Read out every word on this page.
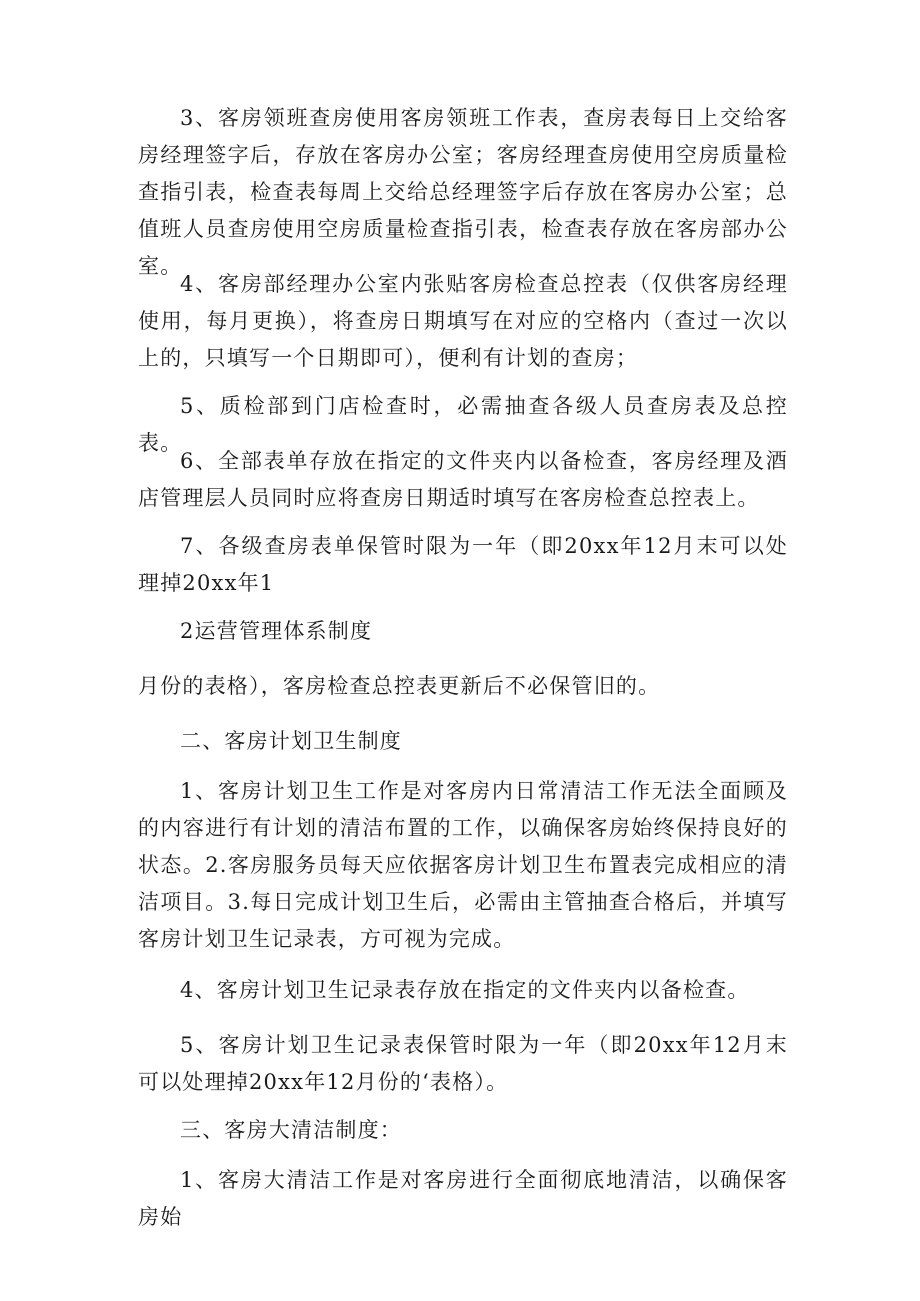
3、客房领班查房使用客房领班工作表，查房表每日上交给客房经理签字后，存放在客房办公室；客房经理查房使用空房质量检查指引表，检查表每周上交给总经理签字后存放在客房办公室；总值班人员查房使用空房质量检查指引表，检查表存放在客房部办公室。

4、客房部经理办公室内张贴客房检查总控表（仅供客房经理使用，每月更换），将查房日期填写在对应的空格内（查过一次以上的，只填写一个日期即可），便利有计划的查房；

5、质检部到门店检查时，必需抽查各级人员查房表及总控表。

6、全部表单存放在指定的文件夹内以备检查，客房经理及酒店管理层人员同时应将查房日期适时填写在客房检查总控表上。

7、各级查房表单保管时限为一年（即20xx年12月末可以处理掉20xx年1

2运营管理体系制度

月份的表格），客房检查总控表更新后不必保管旧的。

二、客房计划卫生制度

1、客房计划卫生工作是对客房内日常清洁工作无法全面顾及的内容进行有计划的清洁布置的工作，以确保客房始终保持良好的状态。2.客房服务员每天应依据客房计划卫生布置表完成相应的清洁项目。3.每日完成计划卫生后，必需由主管抽查合格后，并填写客房计划卫生记录表，方可视为完成。

4、客房计划卫生记录表存放在指定的文件夹内以备检查。

5、客房计划卫生记录表保管时限为一年（即20xx年12月末可以处理掉20xx年12月份的‘表格）。

三、客房大清洁制度：

1、客房大清洁工作是对客房进行全面彻底地清洁，以确保客房始
